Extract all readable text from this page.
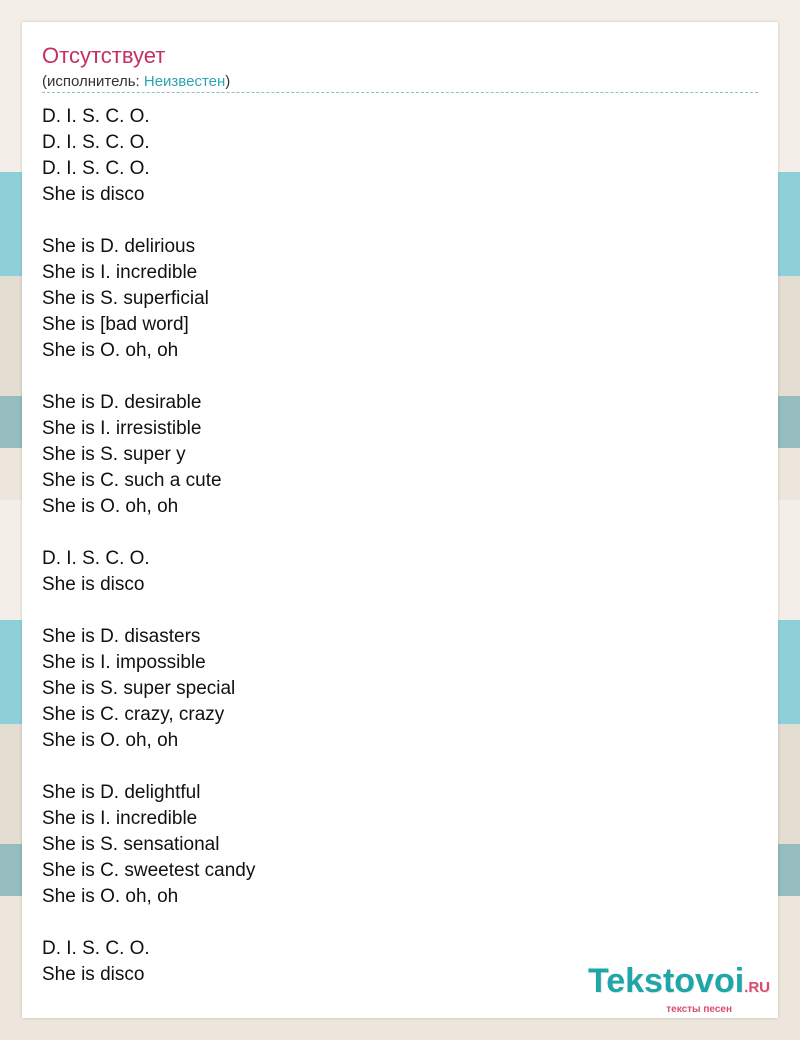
Отсутствует
(исполнитель: Неизвестен)
D. I. S. C. O.
D. I. S. C. O.
D. I. S. C. O.
She is disco
She is D. delirious
She is I. incredible
She is S. superficial
She is [bad word]
She is O. oh, oh
She is D. desirable
She is I. irresistible
She is S. super y
She is C. such a cute
She is O. oh, oh
D. I. S. C. O.
She is disco
She is D. disasters
She is I. impossible
She is S. super special
She is C. crazy, crazy
She is O. oh, oh
She is D. delightful
She is I. incredible
She is S. sensational
She is C. sweetest candy
She is O. oh, oh
D. I. S. C. O.
She is disco	Tekstovoi.RU
тексты песен
